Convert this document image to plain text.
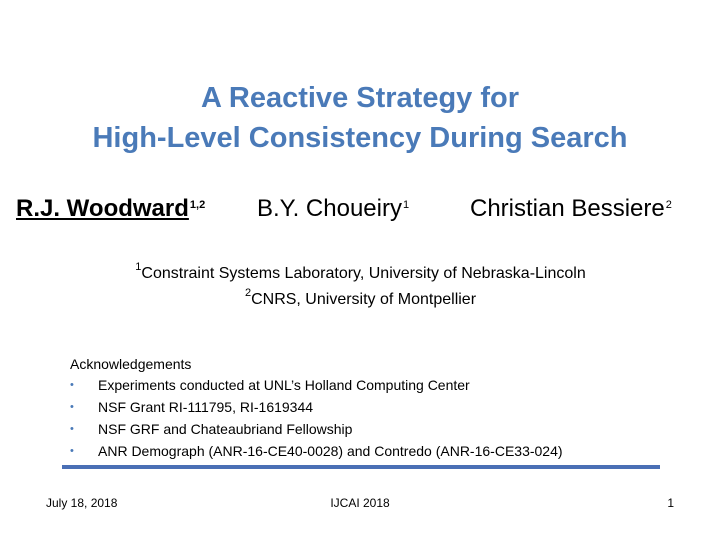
A Reactive Strategy for
High-Level Consistency During Search
R.J. Woodward$^{1,2}$ B.Y. Choueiry$^1$	Christian Bessiere$^2$
$^1$Constraint Systems Laboratory, University of Nebraska-Lincoln
$^2$CNRS, University of Montpellier
Acknowledgements
• Experiments conducted at UNL’s Holland Computing Center
• NSF Grant RI-111795, RI-1619344
• NSF GRF and Chateaubriand Fellowship
• ANR Demograph (ANR-16-CE40-0028) and Contredo (ANR-16-CE33-024)
July 18, 2018	IJCAI 2018	1
